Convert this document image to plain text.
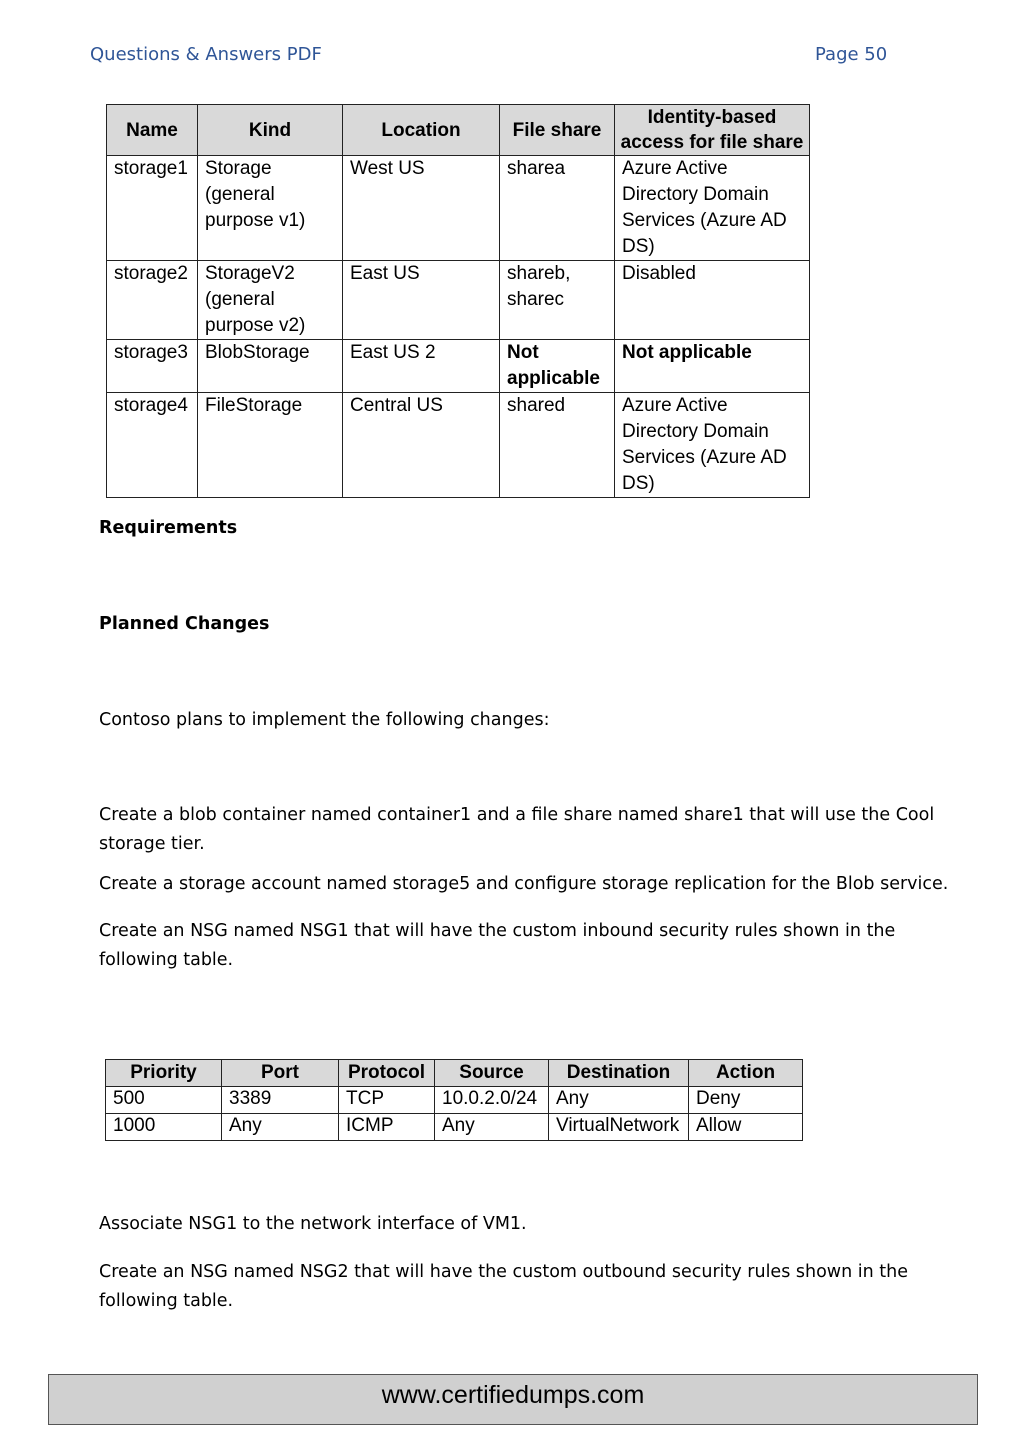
Questions & Answers PDF	Page 50
Name	Kind	Location	File share	Identity-based access for file share
storage1	Storage (general purpose v1)	West US	sharea	Azure Active Directory Domain Services (Azure AD DS)
storage2	StorageV2 (general purpose v2)	East US	shareb, sharec	Disabled
storage3	BlobStorage	East US 2	Not applicable	Not applicable
storage4	FileStorage	Central US	shared	Azure Active Directory Domain Services (Azure AD DS)
Requirements
Planned Changes
Contoso plans to implement the following changes:
Create a blob container named container1 and a file share named share1 that will use the Cool storage tier.
Create a storage account named storage5 and configure storage replication for the Blob service.
Create an NSG named NSG1 that will have the custom inbound security rules shown in the following table.
Priority	Port	Protocol	Source	Destination	Action
500	3389	TCP	10.0.2.0/24	Any	Deny
1000	Any	ICMP	Any	VirtualNetwork	Allow
Associate NSG1 to the network interface of VM1.
Create an NSG named NSG2 that will have the custom outbound security rules shown in the following table.
www.certifiedumps.com
